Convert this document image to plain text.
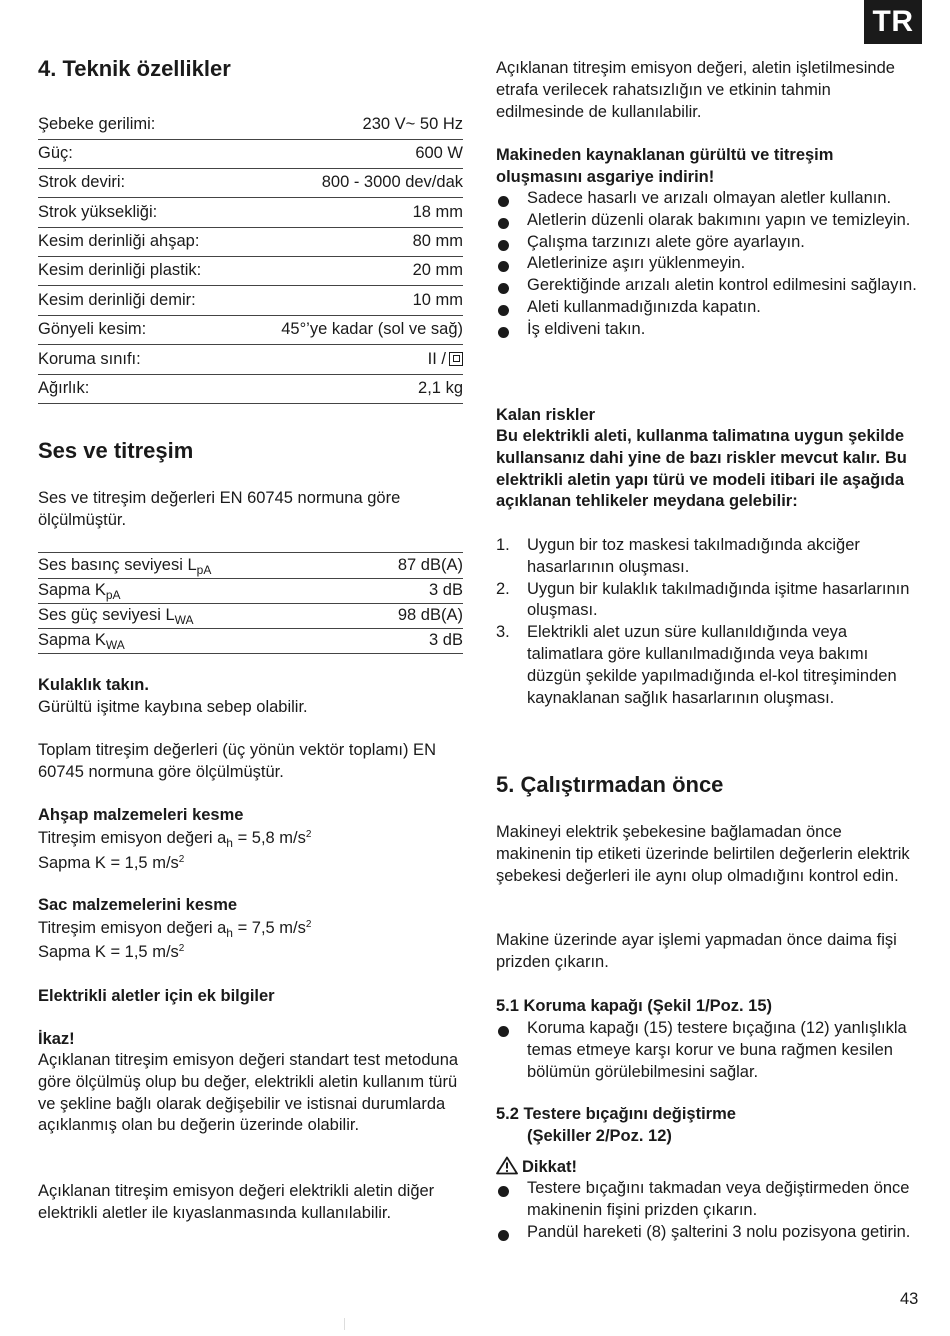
TR
4. Teknik özellikler
Şebeke gerilimi:	230 V~ 50 Hz
Güç:	600 W
Strok deviri:	800 - 3000 dev/dak
Strok yüksekliği:	18 mm
Kesim derinliği ahşap:	80 mm
Kesim derinliği plastik:	20 mm
Kesim derinliği demir:	10 mm
Gönyeli kesim:	45°’ye kadar (sol ve sağ)
Koruma sınıfı:	II /
Ağırlık:	2,1 kg
Ses ve titreşim

Ses ve titreşim değerleri EN 60745 normuna göre ölçülmüştür.

Ses basınç seviyesi $L_{pA}$	87 dB(A)
Sapma $K_{pA}$	3 dB
Ses güç seviyesi $L_{WA}$	98 dB(A)
Sapma $K_{WA}$	3 dB

Kulaklık takın.

Gürültü işitme kaybına sebep olabilir.

Toplam titreşim değerleri (üç yönün vektör toplamı) EN 60745 normuna göre ölçülmüştür.

Ahşap malzemeleri kesme

Titreşim emisyon değeri $a_h = 5,8$ $m/s^2$

Sapma K = 1,5 $m/s^2$

Sac malzemelerini kesme

Titreşim emisyon değeri $a_h = 7,5$ $m/s^2$

Sapma K = 1,5 $m/s^2$

Elektrikli aletler için ek bilgiler

İkaz!

Açıklanan titreşim emisyon değeri standart test metoduna göre ölçülmüş olup bu değer, elektrikli aletin kullanım türü ve şekline bağlı olarak değişebilir ve istisnai durumlarda açıklanmış olan bu değerin üzerinde olabilir.

Açıklanan titreşim emisyon değeri elektrikli aletin diğer elektrikli aletler ile kıyaslanmasında kullanılabilir.

Açıklanan titreşim emisyon değeri, aletin işletilmesinde etrafa verilecek rahatsızlığın ve etkinin tahmin edilmesinde de kullanılabilir.

Makineden kaynaklanan gürültü ve titreşim oluşmasını asgariye indirin!

Sadece hasarlı ve arızalı olmayan aletler kullanın.
Aletlerin düzenli olarak bakımını yapın ve temizleyin.
Çalışma tarzınızı alete göre ayarlayın.
Aletlerinize aşırı yüklenmeyin.
Gerektiğinde arızalı aletin kontrol edilmesini sağlayın.
Aleti kullanmadığınızda kapatın.
İş eldiveni takın.

Kalan riskler

Bu elektrikli aleti, kullanma talimatına uygun şekilde kullansanız dahi yine de bazı riskler mevcut kalır. Bu elektrikli aletin yapı türü ve modeli itibari ile aşağıda açıklanan tehlikeler meydana gelebilir:

1. Uygun bir toz maskesi takılmadığında akciğer hasarlarının oluşması.
2. Uygun bir kulaklık takılmadığında işitme hasarlarının oluşması.
3. Elektrikli alet uzun süre kullanıldığında veya talimatlara göre kullanılmadığında veya bakımı düzgün şekilde yapılmadığında el-kol titreşiminden kaynaklanan sağlık hasarlarının oluşması.
5. Çalıştırmadan önce

Makineyi elektrik şebekesine bağlamadan önce makinenin tip etiketi üzerinde belirtilen değerlerin elektrik şebekesi değerleri ile aynı olup olmadığını kontrol edin.

Makine üzerinde ayar işlemi yapmadan önce daima fişi prizden çıkarın.

5.1 Koruma kapağı (Şekil 1/Poz. 15)

Koruma kapağı (15) testere bıçağına (12) yanlışlıkla temas etmeye karşı korur ve buna rağmen kesilen bölümün görülebilmesini sağlar.

5.2 Testere bıçağını değiştirme

(Şekiller 2/Poz. 12)

Dikkat!

Testere bıçağını takmadan veya değiştirmeden önce makinenin fişini prizden çıkarın.
Pandül hareketi (8) şalterini 3 nolu pozisyona getirin.
43
